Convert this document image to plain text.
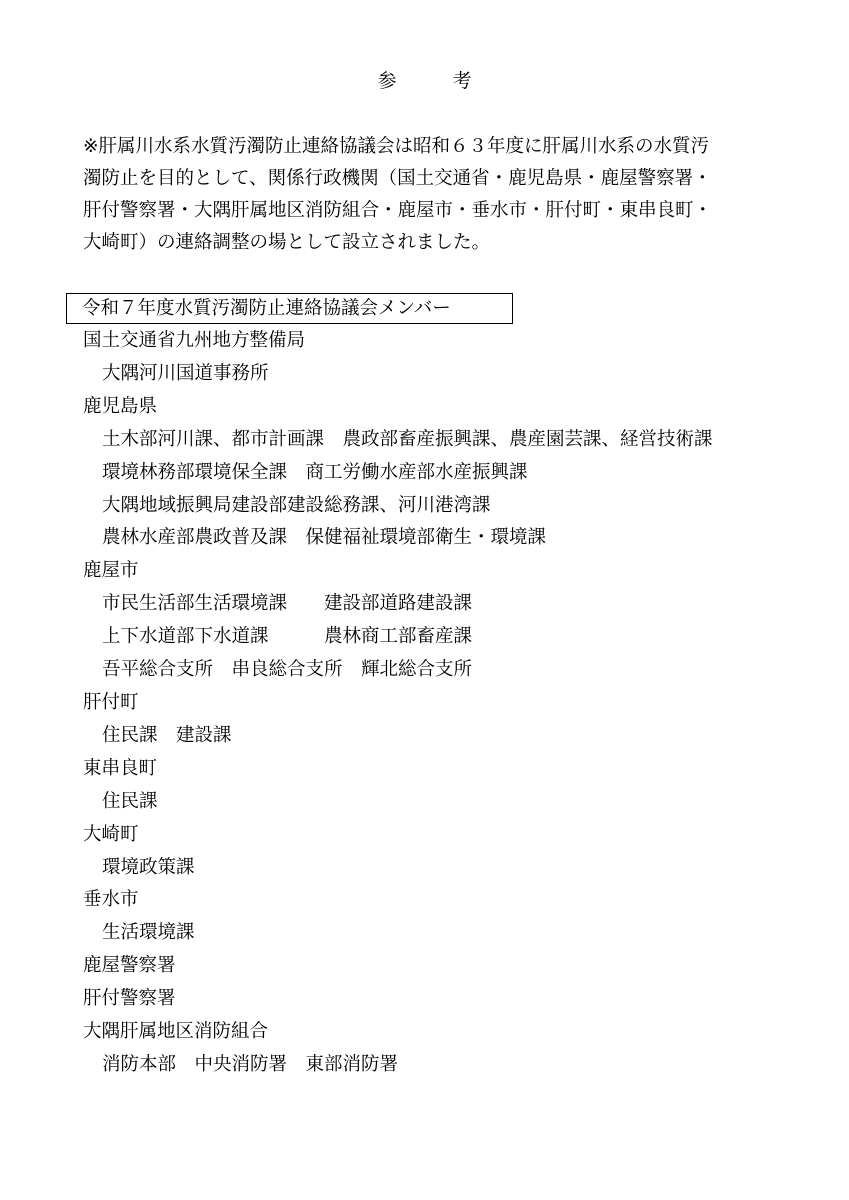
参	考
※肝属川水系水質汚濁防止連絡協議会は昭和６３年度に肝属川水系の水質汚
濁防止を目的として、関係行政機関（国土交通省・鹿児島県・鹿屋警察署・
肝付警察署・大隅肝属地区消防組合・鹿屋市・垂水市・肝付町・東串良町・
大崎町）の連絡調整の場として設立されました。
令和７年度水質汚濁防止連絡協議会メンバー
国土交通省九州地方整備局
大隅河川国道事務所
鹿児島県
土木部河川課、都市計画課　農政部畜産振興課、農産園芸課、経営技術課
環境林務部環境保全課　商工労働水産部水産振興課
大隅地域振興局建設部建設総務課、河川港湾課
農林水産部農政普及課　保健福祉環境部衛生・環境課
鹿屋市
市民生活部生活環境課　　建設部道路建設課
上下水道部下水道課　　　農林商工部畜産課
吾平総合支所　串良総合支所　輝北総合支所
肝付町
住民課　建設課
東串良町
住民課
大崎町
環境政策課
垂水市
生活環境課
鹿屋警察署
肝付警察署
大隅肝属地区消防組合
消防本部　中央消防署　東部消防署
